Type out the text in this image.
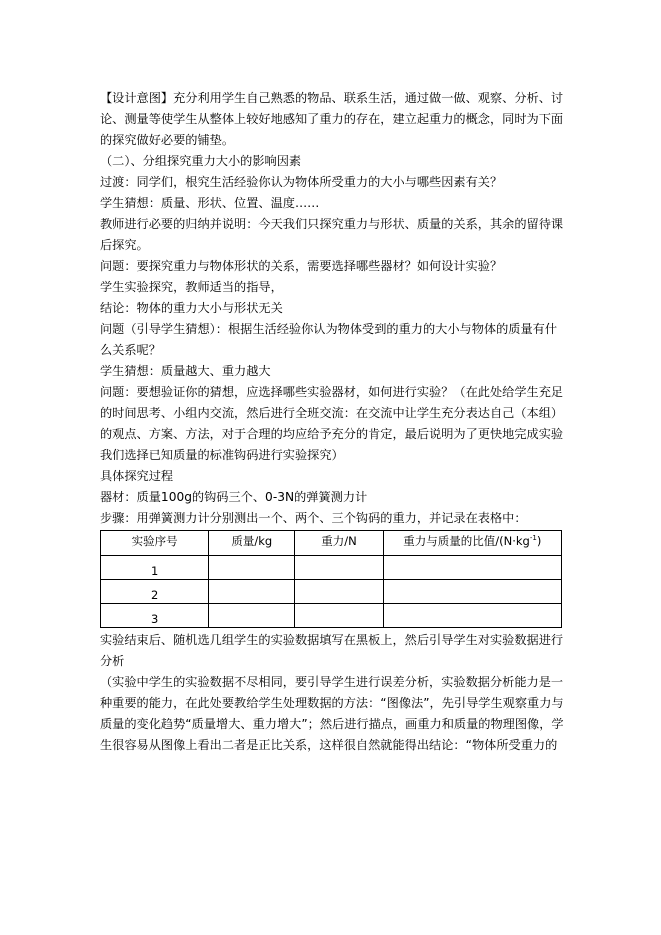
【设计意图】充分利用学生自己熟悉的物品、联系生活，通过做一做、观察、分析、讨论、测量等使学生从整体上较好地感知了重力的存在，建立起重力的概念，同时为下面的探究做好必要的铺垫。

（二）、分组探究重力大小的影响因素

过渡：同学们，根究生活经验你认为物体所受重力的大小与哪些因素有关？

学生猜想：质量、形状、位置、温度……

教师进行必要的归纳并说明：今天我们只探究重力与形状、质量的关系，其余的留待课后探究。

问题：要探究重力与物体形状的关系，需要选择哪些器材？如何设计实验？

学生实验探究，教师适当的指导，

结论：物体的重力大小与形状无关

问题（引导学生猜想）：根据生活经验你认为物体受到的重力的大小与物体的质量有什么关系呢？

学生猜想：质量越大、重力越大

问题：要想验证你的猜想，应选择哪些实验器材，如何进行实验？（在此处给学生充足的时间思考、小组内交流，然后进行全班交流：在交流中让学生充分表达自己（本组）的观点、方案、方法，对于合理的均应给予充分的肯定，最后说明为了更快地完成实验我们选择已知质量的标准钩码进行实验探究）

具体探究过程

器材：质量100g的钩码三个、0-3N的弹簧测力计

步骤：用弹簧测力计分别测出一个、两个、三个钩码的重力，并记录在表格中：

实验序号	质量/kg	重力/N	重力与质量的比值$/(N\cdot kg^{-1})$
1			
2			
3			

实验结束后、随机选几组学生的实验数据填写在黑板上，然后引导学生对实验数据进行分析

（实验中学生的实验数据不尽相同，要引导学生进行误差分析，实验数据分析能力是一种重要的能力，在此处要教给学生处理数据的方法：“图像法”，先引导学生观察重力与质量的变化趋势“质量增大、重力增大”；然后进行描点，画重力和质量的物理图像，学生很容易从图像上看出二者是正比关系，这样很自然就能得出结论：“物体所受重力的
